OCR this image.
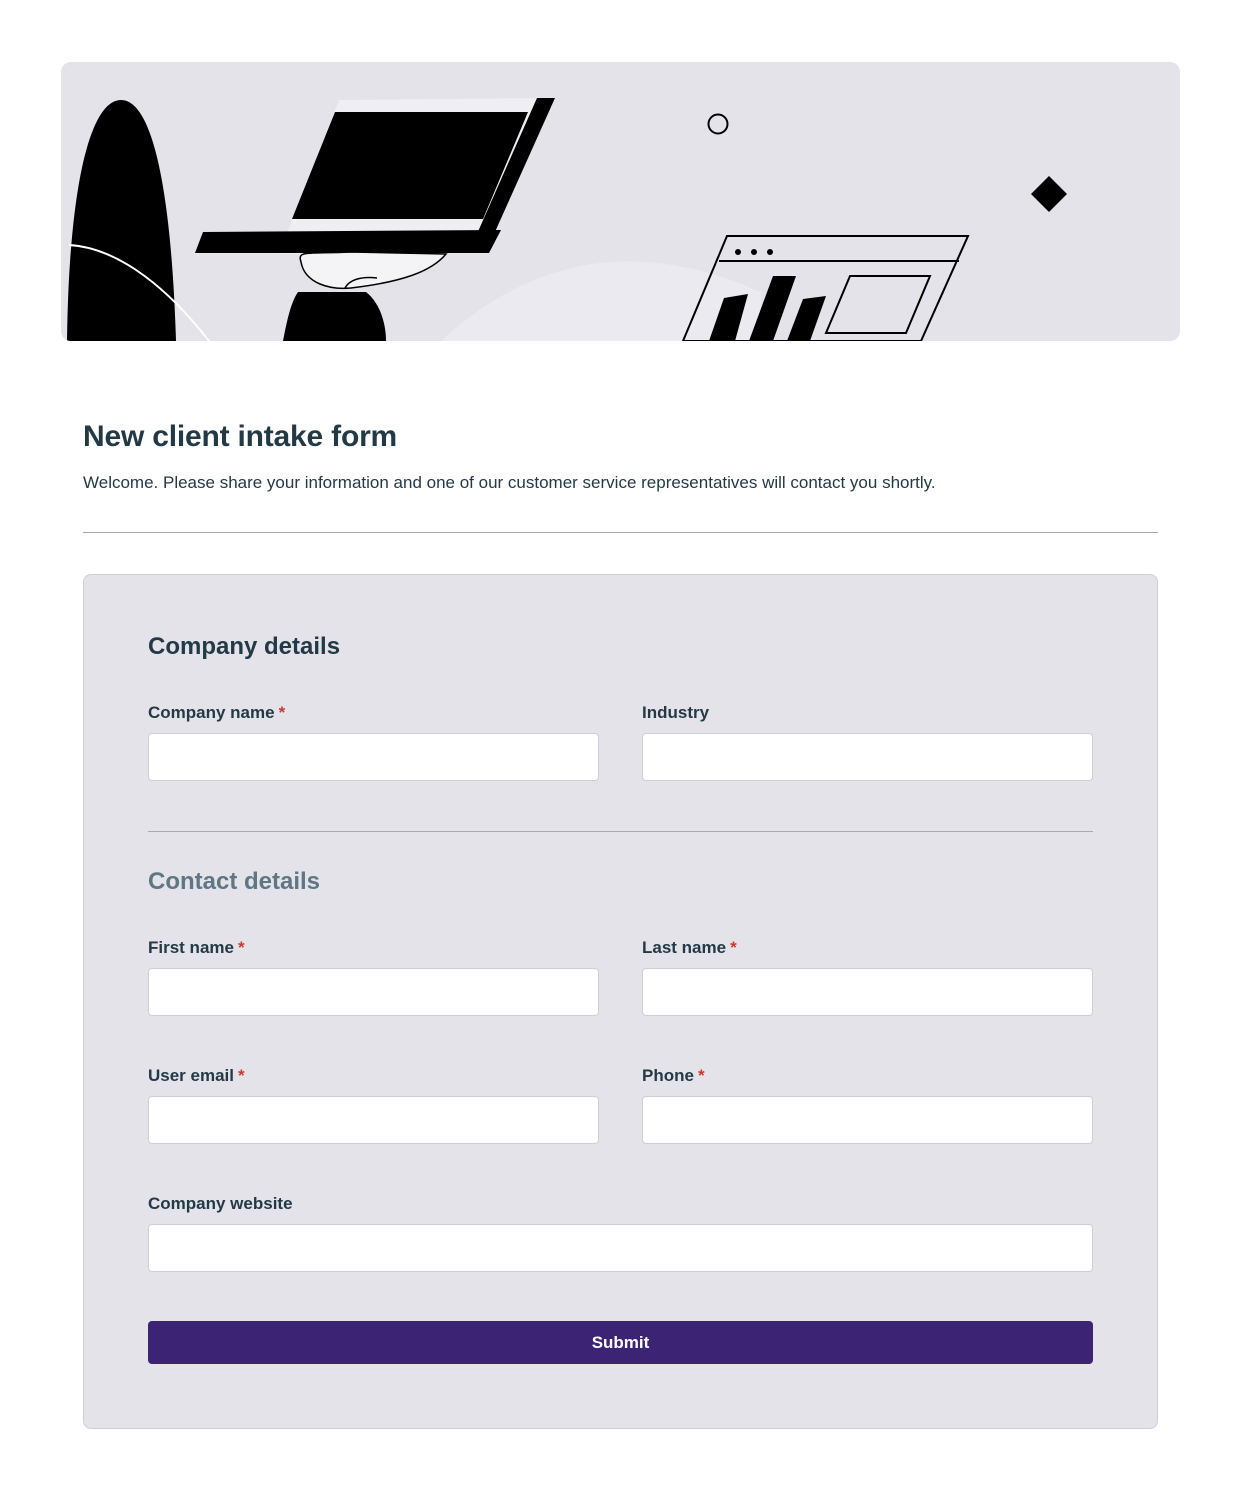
New client intake form

Welcome. Please share your information and one of our customer service representatives will contact you shortly.

Company details
Company name *	Industry
Contact details
First name *	Last name *
User email *	Phone *
Company website
Submit
